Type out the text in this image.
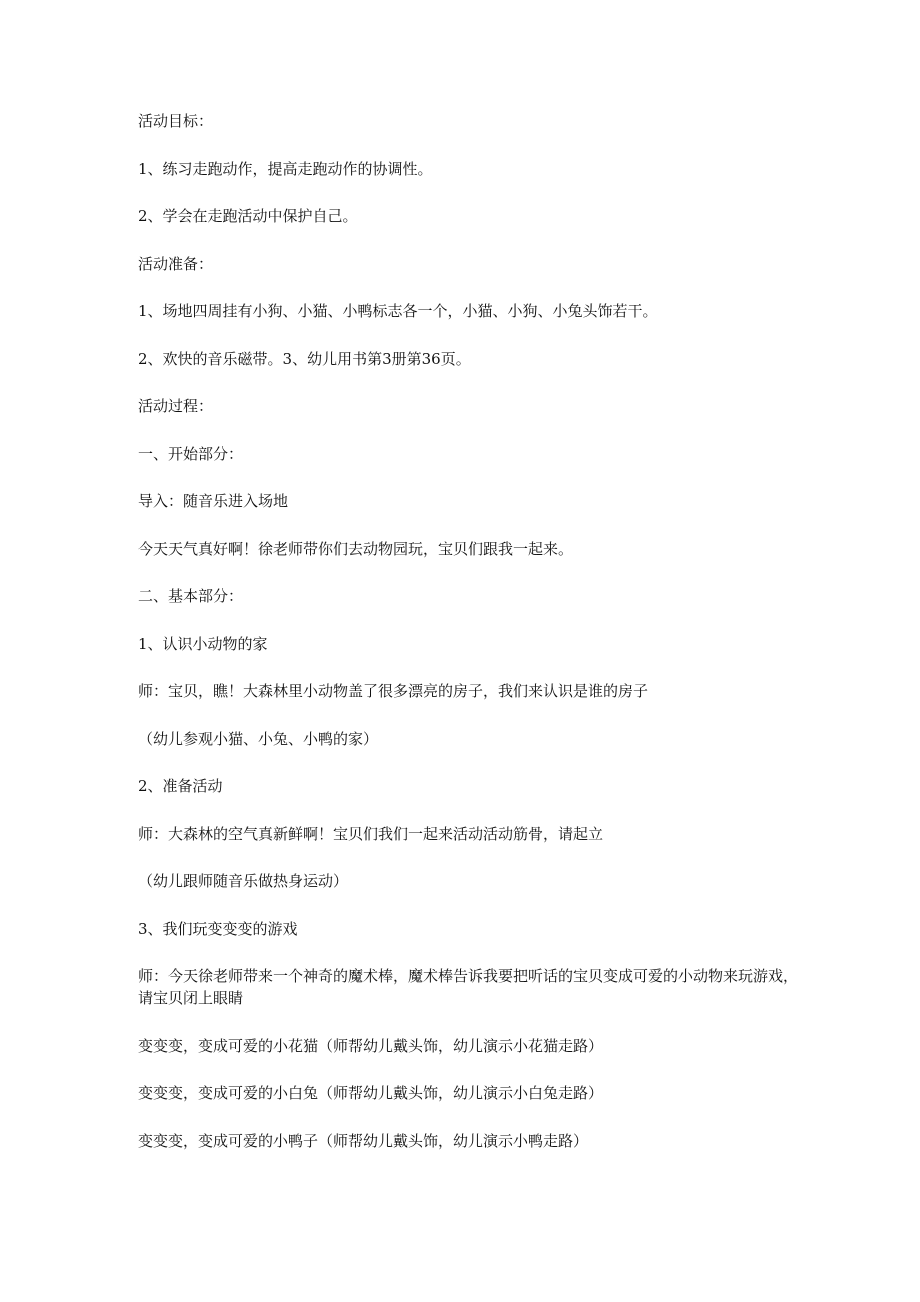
活动目标：

1、练习走跑动作，提高走跑动作的协调性。

2、学会在走跑活动中保护自己。

活动准备：

1、场地四周挂有小狗、小猫、小鸭标志各一个，小猫、小狗、小兔头饰若干。

2、欢快的音乐磁带。3、幼儿用书第3册第36页。

活动过程：

一、开始部分：

导入：随音乐进入场地

今天天气真好啊！徐老师带你们去动物园玩，宝贝们跟我一起来。

二、基本部分：

1、认识小动物的家

师：宝贝，瞧！大森林里小动物盖了很多漂亮的房子，我们来认识是谁的房子

（幼儿参观小猫、小兔、小鸭的家）

2、准备活动

师：大森林的空气真新鲜啊！宝贝们我们一起来活动活动筋骨，请起立

（幼儿跟师随音乐做热身运动）

3、我们玩变变变的游戏

师：今天徐老师带来一个神奇的魔术棒，魔术棒告诉我要把听话的宝贝变成可爱的小动物来玩游戏，请宝贝闭上眼睛

变变变，变成可爱的小花猫（师帮幼儿戴头饰，幼儿演示小花猫走路）

变变变，变成可爱的小白兔（师帮幼儿戴头饰，幼儿演示小白兔走路）

变变变，变成可爱的小鸭子（师帮幼儿戴头饰，幼儿演示小鸭走路）
